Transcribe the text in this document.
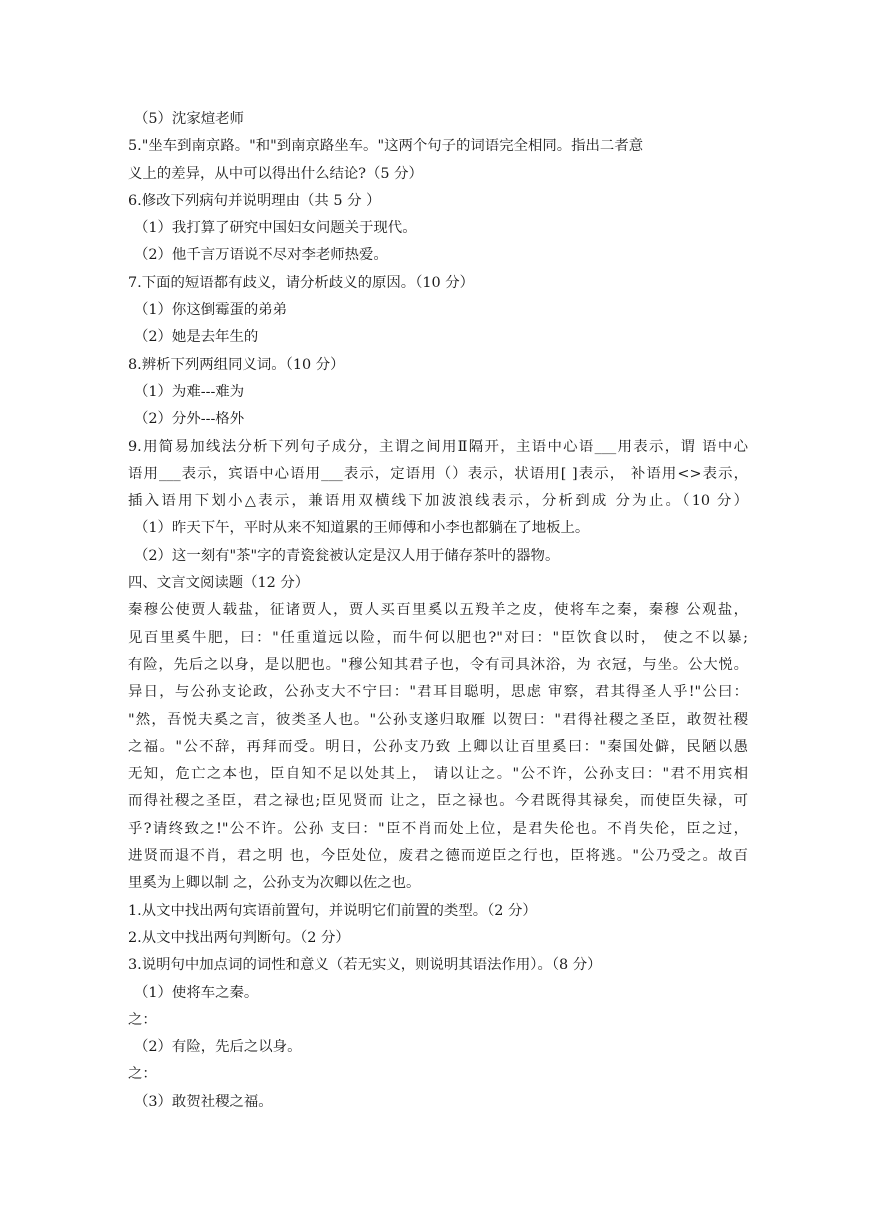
（5）沈家煊老师
5."坐车到南京路。"和"到南京路坐车。"这两个句子的词语完全相同。指出二者意
义上的差异，从中可以得出什么结论?（5 分）
6.修改下列病句并说明理由（共 5 分 ）
（1）我打算了研究中国妇女问题关于现代。
（2）他千言万语说不尽对李老师热爱。
7.下面的短语都有歧义，请分析歧义的原因。（10 分）
（1）你这倒霉蛋的弟弟
（2）她是去年生的
8.辨析下列两组同义词。（10 分）
（1）为难---难为
（2）分外---格外
9.用简易加线法分析下列句子成分，主谓之间用Ⅱ隔开，主语中心语___用表示，谓 语中心
语用___表示，宾语中心语用___表示，定语用（）表示，状语用[ ]表示， 补语用<>表示，
插入语用下划小△表示，兼语用双横线下加波浪线表示，分析到成 分为止。（10 分）
（1）昨天下午，平时从来不知道累的王师傅和小李也都躺在了地板上。
（2）这一刻有"茶"字的青瓷瓮被认定是汉人用于储存茶叶的器物。
四、文言文阅读题（12 分）
秦穆公使贾人载盐，征诸贾人，贾人买百里奚以五羖羊之皮，使将车之秦，秦穆 公观盐，
见百里奚牛肥，曰："任重道远以险，而牛何以肥也?"对曰："臣饮食以时， 使之不以暴;
有险，先后之以身，是以肥也。"穆公知其君子也，令有司具沐浴，为 衣冠，与坐。公大悦。
异日，与公孙支论政，公孙支大不宁曰："君耳目聪明，思虑 审察，君其得圣人乎!"公曰：
"然，吾悦夫奚之言，彼类圣人也。"公孙支遂归取雁 以贺曰："君得社稷之圣臣，敢贺社稷
之福。"公不辞，再拜而受。明日，公孙支乃致 上卿以让百里奚曰："秦国处僻，民陋以愚
无知，危亡之本也，臣自知不足以处其上， 请以让之。"公不许，公孙支曰："君不用宾相
而得社稷之圣臣，君之禄也;臣见贤而 让之，臣之禄也。今君既得其禄矣，而使臣失禄，可
乎?请终致之!"公不许。公孙 支曰："臣不肖而处上位，是君失伦也。不肖失伦，臣之过，
进贤而退不肖，君之明 也，今臣处位，废君之德而逆臣之行也，臣将逃。"公乃受之。故百
里奚为上卿以制 之，公孙支为次卿以佐之也。
1.从文中找出两句宾语前置句，并说明它们前置的类型。（2 分）
2.从文中找出两句判断句。（2 分）
3.说明句中加点词的词性和意义（若无实义，则说明其语法作用）。（8 分）
（1）使将车之秦。
之：
（2）有险，先后之以身。
之：
（3）敢贺社稷之福。
